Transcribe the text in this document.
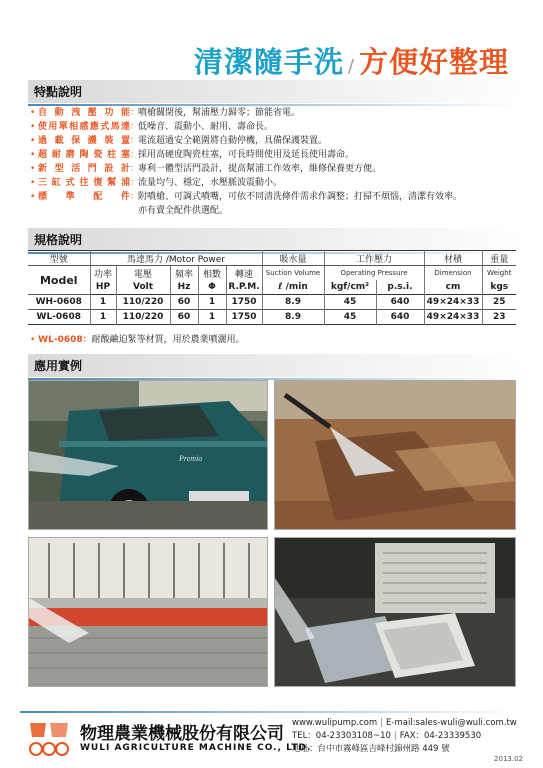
清潔隨手洗 / 方便好整理
特點說明
• 自動洩壓功能 ：
噴槍關閉後，幫浦壓力歸零；節能省電。
• 使用單相感應式馬達 ：
低噪音、震動小、耐用、壽命長。
• 過載保護裝置 ：
電流超過安全範圍將自動停機，具備保護裝置。
• 超耐磨陶瓷柱塞 ：
採用高硬度陶瓷柱塞，可長時間使用及延長使用壽命。
• 新型活門設計 ：
專利一體型活門設計，提高幫浦工作效率，維修保養更方便。
• 三缸式往復幫浦 ：
流量均勻、穩定，水壓脈波震動小。
• 標準配件 ：
附噴槍、可調式噴嘴，可依不同清洗條件需求作調整；打掃不煩惱，清潔有效率。
亦有賣全配件供選配。
規格說明
型號	馬達馬力 /Motor Power					吸水量	工作壓力		材積	重量
Model	功率	電壓	頻率	相數	轉速	Suction Volume	Operating Pressure		Dimension	Weight
	HP	Volt	Hz	Φ	R.P.M.	ℓ /min	kgf/cm²	p.s.i.	cm	kgs
WH-0608	1	110/220	60	1	1750	8.9	45	640	49×24×33	25
WL-0608	1	110/220	60	1	1750	8.9	45	640	49×24×33	23
• WL-0608：耐酸鹼迫緊等材質，用於農業噴灑用。
應用實例
Premio
物理農業機械股份有限公司
WULI AGRICULTURE MACHINE CO., LTD.
www.wulipump.com | E-mail:sales-wuli@wuli.com.tw
TEL：04-23303108~10 | FAX：04-23339530
地址：台中市霧峰區吉峰村錦州路 449 號
2013.02
